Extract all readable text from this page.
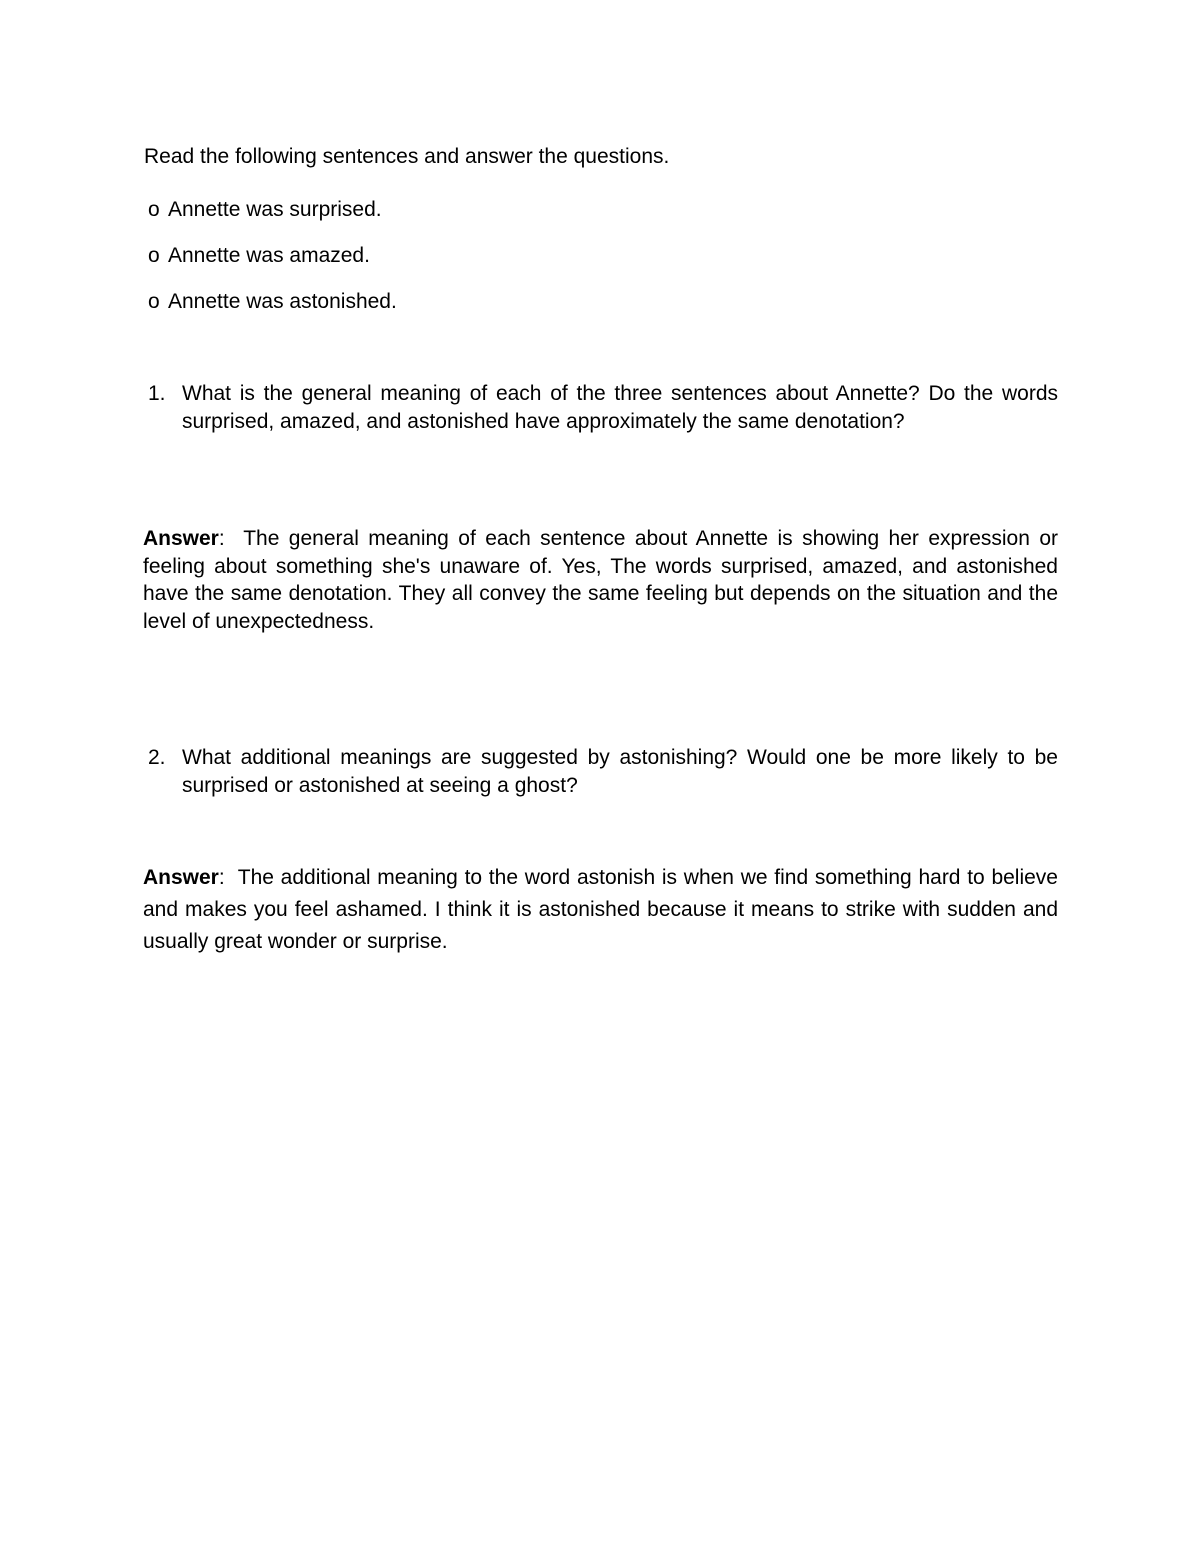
Read the following sentences and answer the questions.

o Annette was surprised.
o Annette was amazed.
o Annette was astonished.
1. What is the general meaning of each of the three sentences about Annette? Do the words surprised, amazed, and astonished have approximately the same denotation?

Answer: The general meaning of each sentence about Annette is showing her expression or feeling about something she's unaware of. Yes, The words surprised, amazed, and astonished have the same denotation. They all convey the same feeling but depends on the situation and the level of unexpectedness.

2. What additional meanings are suggested by astonishing? Would one be more likely to be surprised or astonished at seeing a ghost?

Answer: The additional meaning to the word astonish is when we find something hard to believe and makes you feel ashamed. I think it is astonished because it means to strike with sudden and usually great wonder or surprise.
